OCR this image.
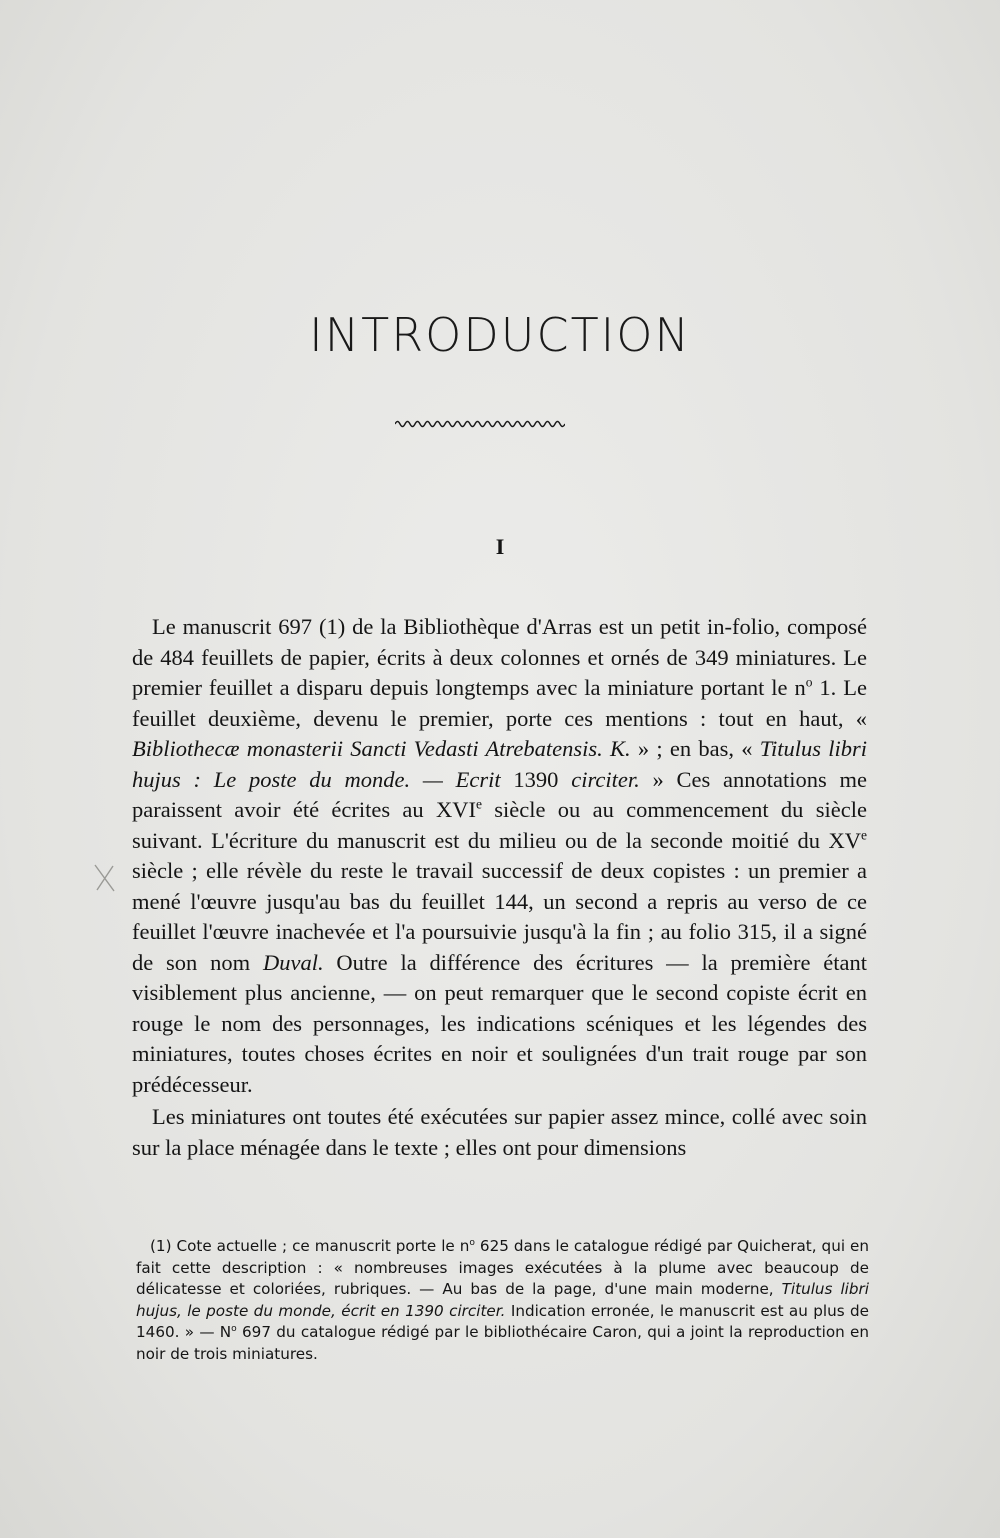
INTRODUCTION
I

Le manuscrit 697 (1) de la Bibliothèque d'Arras est un petit in-folio, composé de 484 feuillets de papier, écrits à deux colonnes et ornés de 349 miniatures. Le premier feuillet a disparu depuis longtemps avec la miniature portant le $n^o$ 1. Le feuillet deuxième, devenu le premier, porte ces mentions : tout en haut, « Bibliothecæ monasterii Sancti Vedasti Atrebatensis. K. » ; en bas, « Titulus libri hujus : Le poste du monde. — Ecrit 1390 circiter. » Ces annotations me paraissent avoir été écrites au XVIe siècle ou au commencement du siècle suivant. L'écriture du manuscrit est du milieu ou de la seconde moitié du XVe siècle ; elle révèle du reste le travail successif de deux copistes : un premier a mené l'œuvre jusqu'au bas du feuillet 144, un second a repris au verso de ce feuillet l'œuvre inachevée et l'a poursuivie jusqu'à la fin ; au folio 315, il a signé de son nom Duval. Outre la différence des écritures — la première étant visiblement plus ancienne, — on peut remarquer que le second copiste écrit en rouge le nom des personnages, les indications scéniques et les légendes des miniatures, toutes choses écrites en noir et soulignées d'un trait rouge par son prédécesseur.

Les miniatures ont toutes été exécutées sur papier assez mince, collé avec soin sur la place ménagée dans le texte ; elles ont pour dimensions

(1) Cote actuelle ; ce manuscrit porte le $n^o$ 625 dans le catalogue rédigé par Quicherat, qui en fait cette description : « nombreuses images exécutées à la plume avec beaucoup de délicatesse et coloriées, rubriques. — Au bas de la page, d'une main moderne, Titulus libri hujus, le poste du monde, écrit en 1390 circiter. Indication erronée, le manuscrit est au plus de 1460. » — $N^o$ 697 du catalogue rédigé par le bibliothécaire Caron, qui a joint la reproduction en noir de trois miniatures.
